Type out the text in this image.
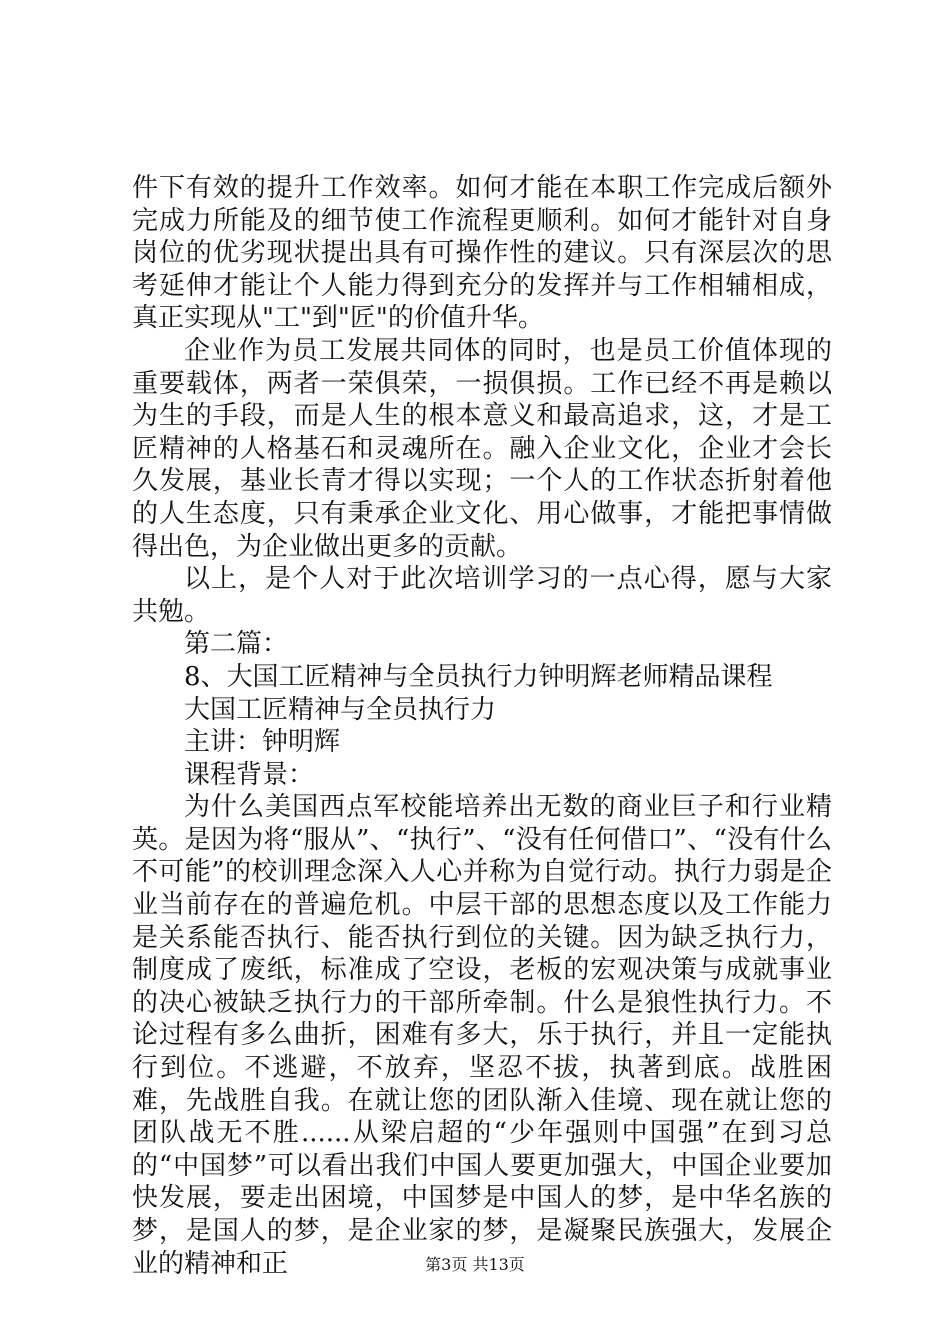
件下有效的提升工作效率。如何才能在本职工作完成后额外完成力所能及的细节使工作流程更顺利。如何才能针对自身岗位的优劣现状提出具有可操作性的建议。只有深层次的思考延伸才能让个人能力得到充分的发挥并与工作相辅相成，真正实现从"工"到"匠"的价值升华。

企业作为员工发展共同体的同时，也是员工价值体现的重要载体，两者一荣俱荣，一损俱损。工作已经不再是赖以为生的手段，而是人生的根本意义和最高追求，这，才是工匠精神的人格基石和灵魂所在。融入企业文化，企业才会长久发展，基业长青才得以实现；一个人的工作状态折射着他的人生态度，只有秉承企业文化、用心做事，才能把事情做得出色，为企业做出更多的贡献。

以上，是个人对于此次培训学习的一点心得，愿与大家共勉。

第二篇：

8、大国工匠精神与全员执行力钟明辉老师精品课程

大国工匠精神与全员执行力

主讲：钟明辉

课程背景：

为什么美国西点军校能培养出无数的商业巨子和行业精英。是因为将“服从”、“执行”、“没有任何借口”、“没有什么不可能”的校训理念深入人心并称为自觉行动。执行力弱是企业当前存在的普遍危机。中层干部的思想态度以及工作能力是关系能否执行、能否执行到位的关键。因为缺乏执行力，制度成了废纸，标准成了空设，老板的宏观决策与成就事业的决心被缺乏执行力的干部所牵制。什么是狼性执行力。不论过程有多么曲折，困难有多大，乐于执行，并且一定能执行到位。不逃避，不放弃，坚忍不拔，执著到底。战胜困难，先战胜自我。在就让您的团队渐入佳境、现在就让您的团队战无不胜......从梁启超的“少年强则中国强”在到习总的“中国梦”可以看出我们中国人要更加强大，中国企业要加快发展，要走出困境，中国梦是中国人的梦，是中华名族的梦，是国人的梦，是企业家的梦，是凝聚民族强大，发展企业的精神和正	第3页 共13页
